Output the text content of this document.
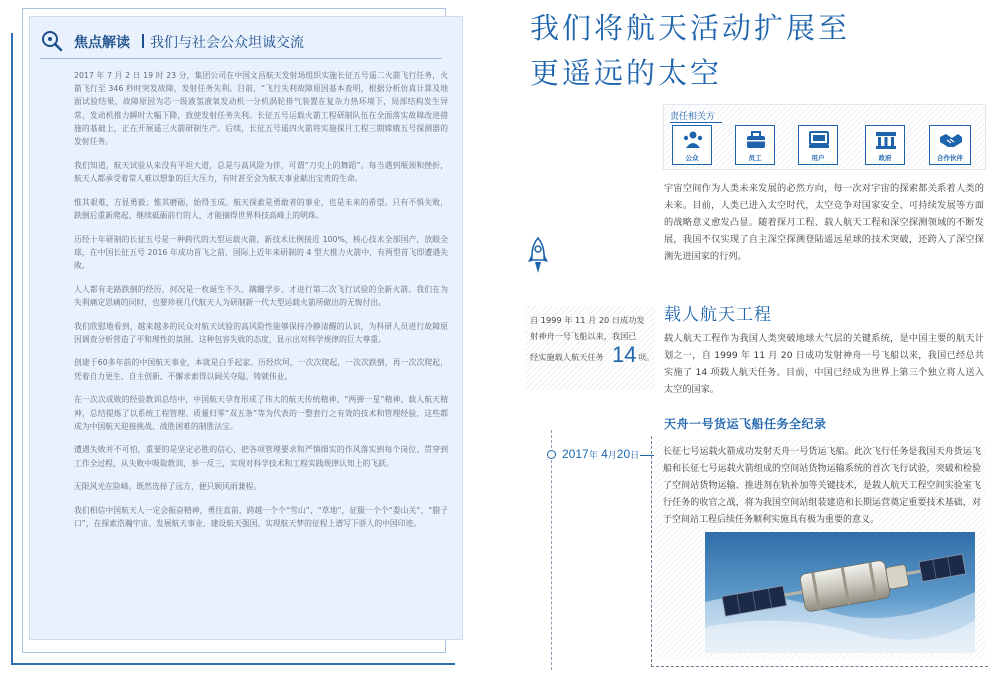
焦点解读 我们与社会公众坦诚交流

2017 年 7 月 2 日 19 时 23 分，集团公司在中国文昌航天发射场组织实施长征五号遥二火箭飞行任务，火箭飞行至 346 秒时突发故障，发射任务失利。目前，“飞行失利故障原因基本查明，根据分析仿真计算及地面试验结果，故障原因为芯一级液氢液氧发动机一分机涡轮排气装置在复杂力热环境下，局部结构发生异常，发动机推力瞬时大幅下降，致使发射任务失利。长征五号运载火箭工程研制队伍在全面落实故障改进措施的基础上，正在开展遥三火箭研制生产。后续，长征五号遥四火箭将实施探月工程三期嫦娥五号探测器的发射任务。

我们知道，航天试验从来没有平坦大道，总是与高风险为伴，可谓“刀尖上的舞蹈”。每当遇到瓶颈和挫折，航天人都承受着常人难以想象的巨大压力，有时甚至会为航天事业献出宝贵的生命。

惟其艰难，方显勇毅；惟其磨砺，始得玉成。航天探索是勇敢者的事业，也是未来的希望。只有不惧失败，跌倒后重新爬起、继续砥砺前行的人，才能摘得世界科技高峰上的明珠。

历经十年研制的长征五号是一种跨代的大型运载火箭，新技术比例接近 100%，核心技术全部国产，放眼全球，在中国长征五号 2016 年成功首飞之前，国际上近年来研制的 4 型大推力火箭中，有两型首飞即遭遇失败。

人人都有走路跌倒的经历，何况是一枚诞生不久、蹒跚学步、才进行第二次飞行试验的全新火箭。我们在为失利痛定思痛的同时，也要珍视几代航天人为研制新一代大型运载火箭所做出的无悔付出。

我们欣慰地看到，越来越多的民众对航天试验的高风险性能够保持冷静清醒的认识，为科研人员进行故障原因调查分析营造了平和理性的氛围。这种包容失败的态度，显示出对科学规律的巨大尊重。

创建于60多年前的中国航天事业，本就是白手起家、历经坎坷，一次次爬起，一次次跌倒，再一次次爬起，凭着自力更生、自主创新、不懈求索得以阔关夺隘、铸就伟业。

在一次次成败的经验教训总结中，中国航天孕育形成了伟大的航天传统精神、“两弹一星”精神、载人航天精神，总结提炼了以系统工程管理、质量归零“双五条”等为代表的一整套行之有效的技术和管理经验，这些都成为中国航天迎接挑战、战胜困难的制胜法宝。

遭遇失败并不可怕，重要的是坚定必胜的信心，把各项管理要求和严慎细实的作风落实到每个岗位、贯穿到工作全过程，从失败中吸取教训，举一反三，实现对科学技术和工程实践规律认知上的飞跃。

无限风光在险峰。既然选择了远方，便只顾风雨兼程。

我们相信中国航天人一定会振奋精神，勇往直前，跨越一个个“雪山”、“草地”，征服一个个“娄山关”、“腊子口”，在探索浩瀚宇宙、发展航天事业、建设航天强国、实现航天梦的征程上谱写下骄人的中国印迹。

我们将航天活动扩展至
更遥远的太空
责任相关方
公众	员工	用户	政府	合作伙伴
宇宙空间作为人类未来发展的必然方向，每一次对宇宙的探索都关系着人类的未来。目前，人类已进入太空时代，太空竞争对国家安全、可持续发展等方面的战略意义愈发凸显。随着探月工程、载人航天工程和深空探测领域的不断发展，我国不仅实现了自主深空探测登陆遥远星球的技术突破，还跨入了深空探测先进国家的行列。
自 1999 年 11 月 20 日成功发
射神舟一号飞船以来，我国已
经实施载人航天任务 14 项。
载人航天工程
载人航天工程作为我国人类突破地球大气层的关键系统，是中国主要的航天计划之一，自 1999 年 11 月 20 日成功发射神舟一号飞船以来，我国已经总共实施了 14 项载人航天任务。目前，中国已经成为世界上第三个独立将人送入太空的国家。
天舟一号货运飞船任务全纪录
2017年 4月20日	长征七号运载火箭成功发射天舟一号货运飞船。此次飞行任务是我国天舟货运飞船和长征七号运载火箭组成的空间站货物运输系统的首次飞行试验，突破和检验了空间站货物运输、推进剂在轨补加等关键技术，是载人航天工程空间实验室飞行任务的收官之战，将为我国空间站组装建造和长期运营奠定重要技术基础，对于空间站工程后续任务顺利实施具有极为重要的意义。
